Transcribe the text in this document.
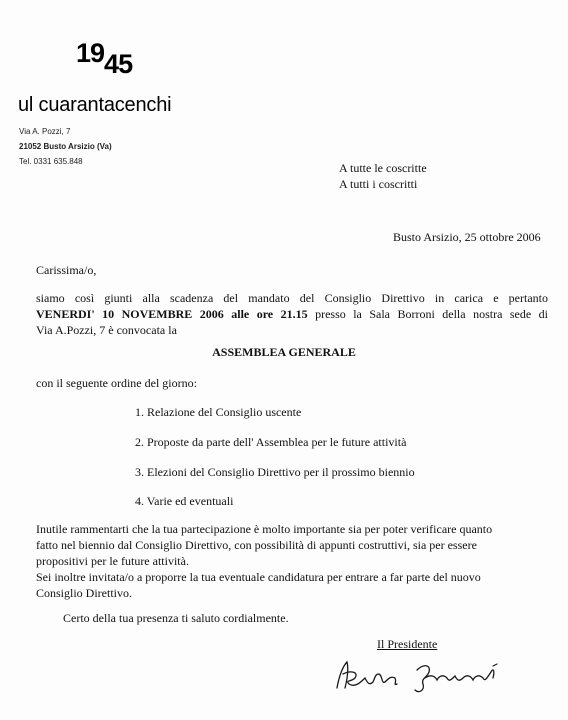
1945
ul cuarantacenchi
Via A. Pozzi, 7
21052 Busto Arsizio (Va)
Tel. 0331 635.848	A tutte le coscritte
A tutti i coscritti
Busto Arsizio, 25 ottobre 2006
Carissima/o,
siamo così giunti alla scadenza del mandato del Consiglio Direttivo in carica e pertanto
VENERDI' 10 NOVEMBRE 2006 alle ore 21.15 presso la Sala Borroni della nostra sede di
Via A.Pozzi, 7 è convocata la
ASSEMBLEA GENERALE
con il seguente ordine del giorno:
1. Relazione del Consiglio uscente
2. Proposte da parte dell' Assemblea per le future attività
3. Elezioni del Consiglio Direttivo per il prossimo biennio
4. Varie ed eventuali
Inutile rammentarti che la tua partecipazione è molto importante sia per poter verificare quanto
fatto nel biennio dal Consiglio Direttivo, con possibilità di appunti costruttivi, sia per essere
propositivi per le future attività.
Sei inoltre invitata/o a proporre la tua eventuale candidatura per entrare a far parte del nuovo
Consiglio Direttivo.
Certo della tua presenza ti saluto cordialmente.
Il Presidente
